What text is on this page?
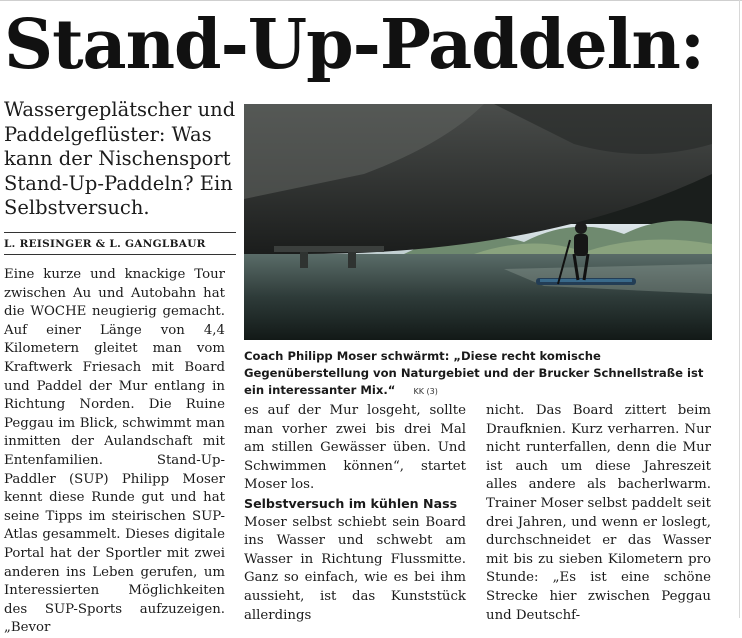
Stand-Up-Paddeln:
Wassergeplätscher und Paddelgeflüster: Was kann der Nischensport Stand-Up-Paddeln? Ein Selbstversuch.
L. REISINGER & L. GANGLBAUR

Eine kurze und knackige Tour zwischen Au und Autobahn hat die WOCHE neugierig gemacht. Auf einer Länge von 4,4 Kilometern gleitet man vom Kraftwerk Friesach mit Board und Paddel der Mur entlang in Richtung Norden. Die Ruine Peggau im Blick, schwimmt man inmitten der Aulandschaft mit Entenfamilien. Stand-Up-Paddler (SUP) Philipp Moser kennt diese Runde gut und hat seine Tipps im steirischen SUP-Atlas gesammelt. Dieses digitale Portal hat der Sportler mit zwei anderen ins Leben gerufen, um Interessierten Möglichkeiten des SUP-Sports aufzuzeigen. „Bevor

Coach Philipp Moser schwärmt: „Diese recht komische Gegenüberstellung von Naturgebiet und der Brucker Schnellstraße ist ein interessanter Mix.“ KK (3)

es auf der Mur losgeht, sollte man vorher zwei bis drei Mal am stillen Gewässer üben. Und Schwimmen können“, startet Moser los.

Selbstversuch im kühlen Nass

Moser selbst schiebt sein Board ins Wasser und schwebt am Wasser in Richtung Flussmitte. Ganz so einfach, wie es bei ihm aussieht, ist das Kunststück allerdings

nicht. Das Board zittert beim Draufknien. Kurz verharren. Nur nicht runterfallen, denn die Mur ist auch um diese Jahreszeit alles andere als bacherlwarm. Trainer Moser selbst paddelt seit drei Jahren, und wenn er loslegt, durchschneidet er das Wasser mit bis zu sieben Kilometern pro Stunde: „Es ist eine schöne Strecke hier zwischen Peggau und Deutschf-
